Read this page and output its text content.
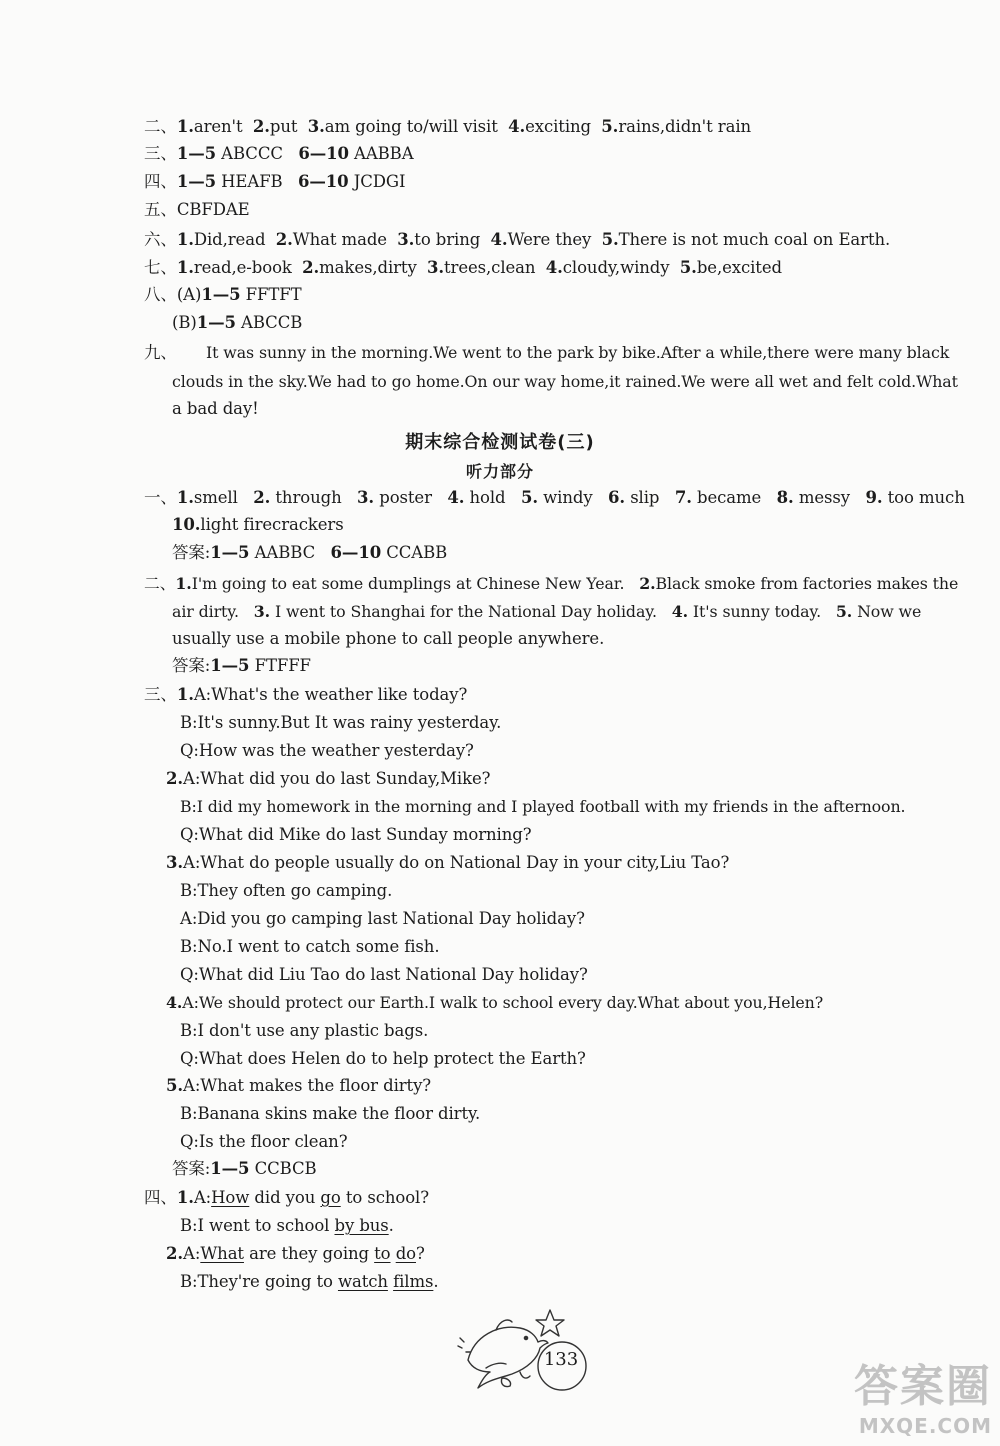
二、1.aren't 2.put 3.am going to/will visit 4.exciting 5.rains,didn't rain
三、1—5 ABCCC 6—10 AABBA
四、1—5 HEAFB 6—10 JCDGI
五、CBFDAE
六、1.Did,read 2.What made 3.to bring 4.Were they 5.There is not much coal on Earth.
七、1.read,e-book 2.makes,dirty 3.trees,clean 4.cloudy,windy 5.be,excited
八、(A)1—5 FFTFT
(B)1—5 ABCCB
九、 It was sunny in the morning.We went to the park by bike.After a while,there were many black
clouds in the sky.We had to go home.On our way home,it rained.We were all wet and felt cold.What
a bad day!
期末综合检测试卷(三)
听力部分
一、1.smell 2. through 3. poster 4. hold 5. windy 6. slip 7. became 8. messy 9. too much
10.light firecrackers
答案:1—5 AABBC 6—10 CCABB
二、1.I'm going to eat some dumplings at Chinese New Year. 2.Black smoke from factories makes the
air dirty. 3. I went to Shanghai for the National Day holiday. 4. It's sunny today. 5. Now we
usually use a mobile phone to call people anywhere.
答案:1—5 FTFFF
三、1.A:What's the weather like today?
B:It's sunny.But It was rainy yesterday.
Q:How was the weather yesterday?
2.A:What did you do last Sunday,Mike?
B:I did my homework in the morning and I played football with my friends in the afternoon.
Q:What did Mike do last Sunday morning?
3.A:What do people usually do on National Day in your city,Liu Tao?
B:They often go camping.
A:Did you go camping last National Day holiday?
B:No.I went to catch some fish.
Q:What did Liu Tao do last National Day holiday?
4.A:We should protect our Earth.I walk to school every day.What about you,Helen?
B:I don't use any plastic bags.
Q:What does Helen do to help protect the Earth?
5.A:What makes the floor dirty?
B:Banana skins make the floor dirty.
Q:Is the floor clean?
答案:1—5 CCBCB
四、1.A:How did you go to school?
B:I went to school by bus.
2.A:What are they going to do?
B:They're going to watch films.
133
答案圈
MXQE.COM
